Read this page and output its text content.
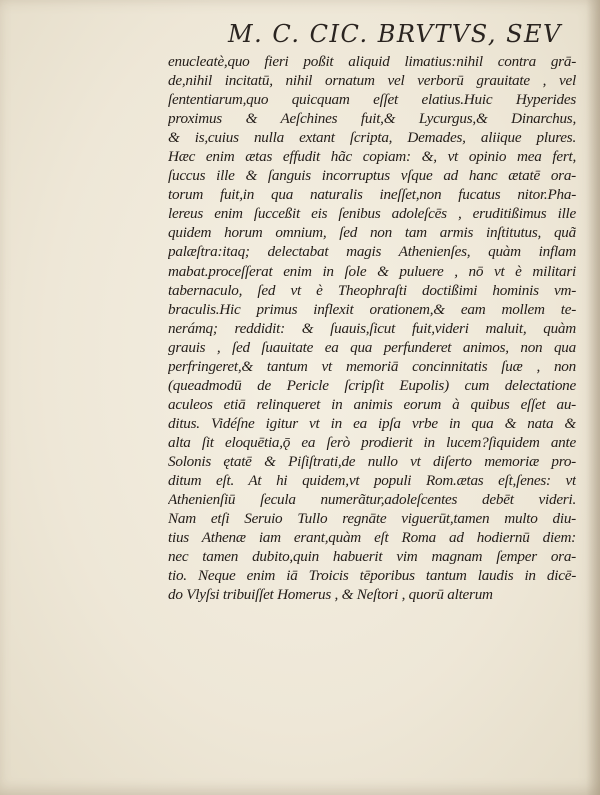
M. C. CIC. BRVTVS, SEV
enucleatè,quo fieri poßit aliquid limatius:nihil contra grā-
de,nihil incitatū, nihil ornatum vel verborū grauitate , vel
ſententiarum,quo quicquam eſſet elatius.Huic Hyperides
proximus & Aeſchines fuit,& Lycurgus,& Dinarchus,
& is,cuius nulla extant ſcripta, Demades, aliique plures.
Hæc enim ætas effudit hãc copiam: &, vt opinio mea fert,
ſuccus ille & ſanguis incorruptus vſque ad hanc ætatē ora-
torum fuit,in qua naturalis ineſſet,non fucatus nitor.Pha-
lereus enim ſucceßit eis ſenibus adoleſcēs , eruditißimus ille
quidem horum omnium, ſed non tam armis inſtitutus, quã
palæſtra:itaq; delectabat magis Athenienſes, quàm inflam
mabat.proceſſerat enim in ſole & puluere , nō vt è militari
tabernaculo, ſed vt è Theophraſti doctißimi hominis vm-
braculis.Hic primus inflexit orationem,& eam mollem te-
nerámq; reddidit: & ſuauis,ſicut fuit,videri maluit, quàm
grauis , ſed ſuauitate ea qua perfunderet animos, non qua
perfringeret,& tantum vt memoriā concinnitatis ſuæ , non
(queadmodū de Pericle ſcripſit Eupolis) cum delectatione
aculeos etiā relinqueret in animis eorum à quibus eſſet au-
ditus. Vidéſne igitur vt in ea ipſa vrbe in qua & nata &
alta ſit eloquētia,ǭ ea ſerò prodierit in lucem?ſiquidem ante
Solonis ętatē & Piſiſtrati,de nullo vt diſerto memoriæ pro-
ditum eſt. At hi quidem,vt populi Rom.ætas eſt,ſenes: vt
Athenienſiū ſecula numerãtur,adoleſcentes debēt videri.
Nam etſi Seruio Tullo regnāte viguerūt,tamen multo diu-
tius Athenæ iam erant,quàm eſt Roma ad hodiernū diem:
nec tamen dubito,quin habuerit vim magnam ſemper ora-
tio. Neque enim iā Troicis tēporibus tantum laudis in dicē-
do Vlyſsi tribuiſſet Homerus , & Neſtori , quorū alterum
